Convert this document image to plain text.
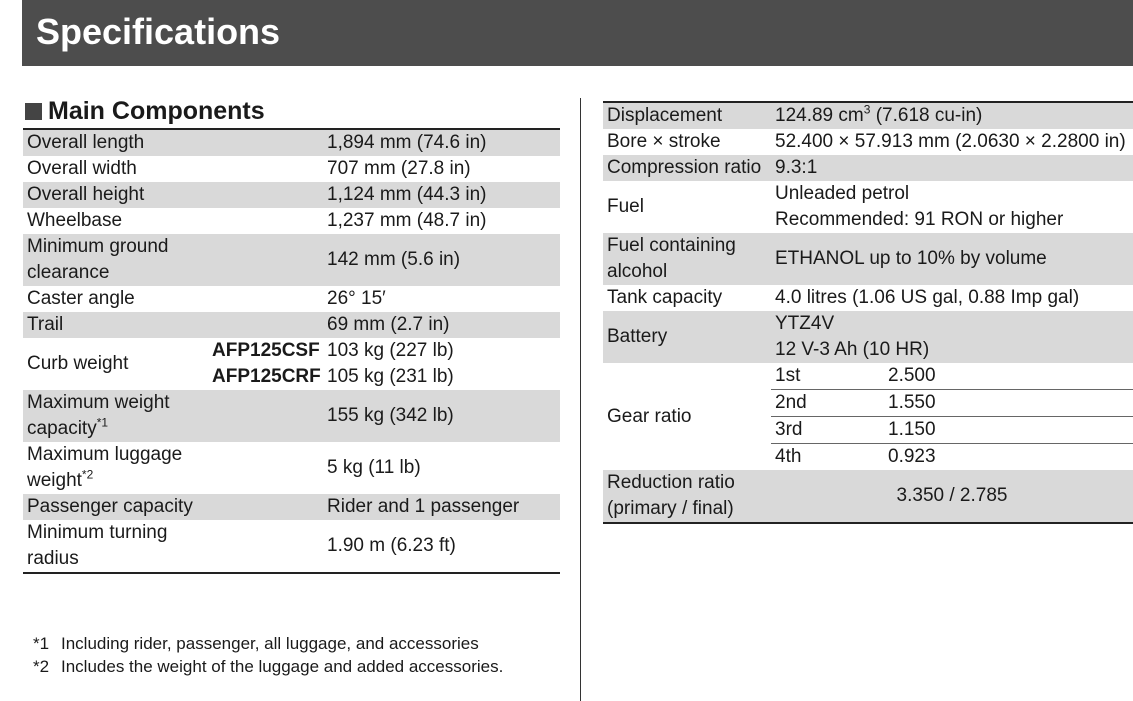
Specifications
Main Components
Overall length		1,894 mm (74.6 in)
Overall width		707 mm (27.8 in)
Overall height		1,124 mm (44.3 in)
Wheelbase		1,237 mm (48.7 in)
Minimum ground
clearance		142 mm (5.6 in)
Caster angle		26° 15′
Trail		69 mm (2.7 in)
Curb weight	AFP125CSF	103 kg (227 lb)
	AFP125CRF	105 kg (231 lb)
Maximum weight
capacity$^{*1}$		155 kg (342 lb)
Maximum luggage
weight$^{*2}$		5 kg (11 lb)
Passenger capacity		Rider and 1 passenger
Minimum turning
radius		1.90 m (6.23 ft)
*1 Including rider, passenger, all luggage, and accessories
*2 Includes the weight of the luggage and added accessories.
Displacement	124.89 $cm^3$ (7.618 cu-in)	
Bore × stroke	52.400 × 57.913 mm (2.0630 × 2.2800 in)	
Compression ratio	9.3:1	
Fuel	Unleaded petrol
Recommended: 91 RON or higher	
Fuel containing
alcohol	ETHANOL up to 10% by volume	
Tank capacity	4.0 litres (1.06 US gal, 0.88 Imp gal)	
Battery	YTZ4V
12 V-3 Ah (10 HR)	
Gear ratio	1st	2.500
	2nd	1.550
	3rd	1.150
	4th	0.923
Reduction ratio
(primary / final)	3.350 / 2.785	
